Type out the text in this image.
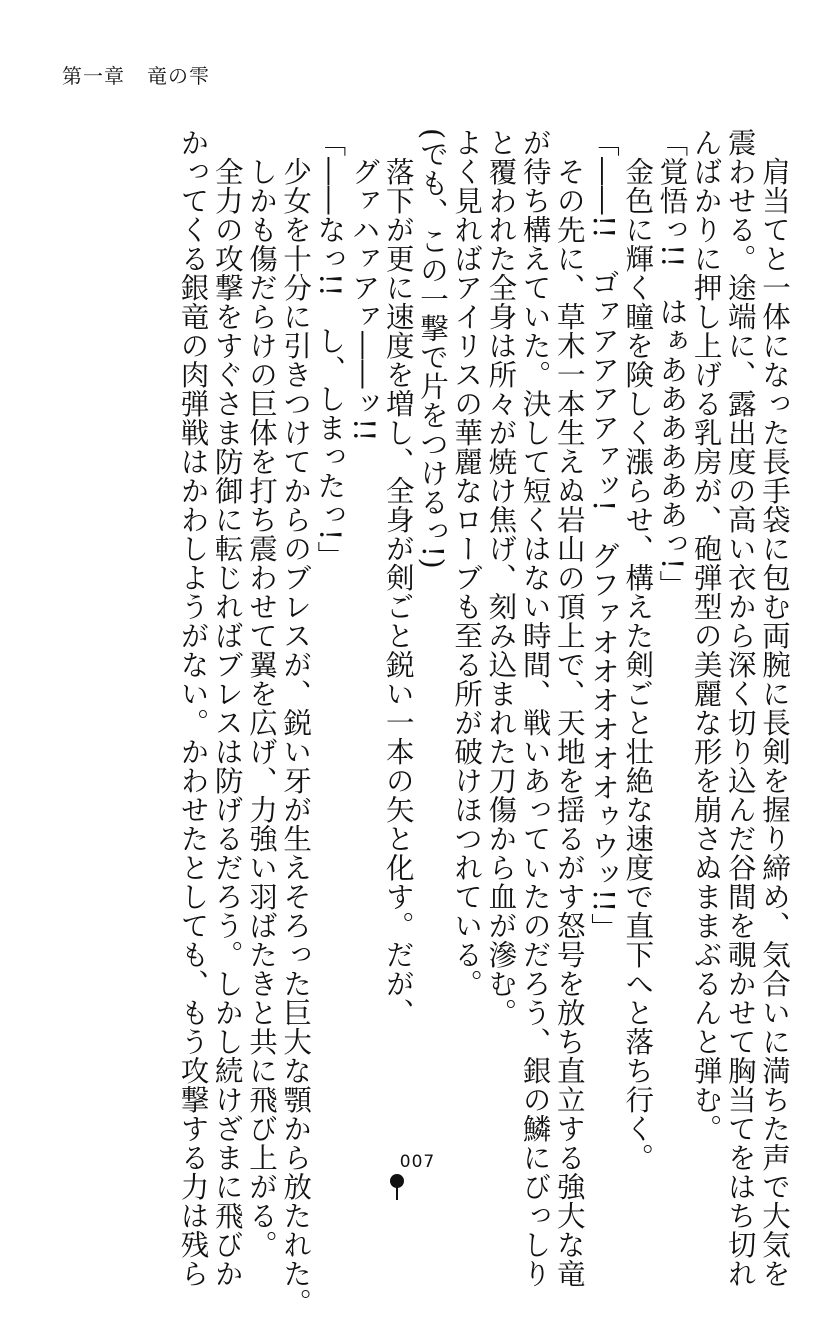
第一章 竜の雫

肩当てと一体になった長手袋に包む両腕に長剣を握り締め、気合いに満ちた声で大気を

震わせる。途端に、露出度の高い衣から深く切り込んだ谷間を覗かせて胸当てをはち切れ

んばかりに押し上げる乳房が、砲弾型の美麗な形を崩さぬままぶるんと弾む。

「覚悟っ!!　はぁああああああっ!」

金色に輝く瞳を険しく漲らせ、構えた剣ごと壮絶な速度で直下へと落ち行く。

「――!!　ゴァアアアアァッ!　グファオオオオオオゥウッ!!」

その先に、草木一本生えぬ岩山の頂上で、天地を揺るがす怒号を放ち直立する強大な竜

が待ち構えていた。決して短くはない時間、戦いあっていたのだろう、銀の鱗にびっしり

と覆われた全身は所々が焼け焦げ、刻み込まれた刀傷から血が滲む。

よく見ればアイリスの華麗なローブも至る所が破けほつれている。

(でも、この一撃で片をつけるっ!)

落下が更に速度を増し、全身が剣ごと鋭い一本の矢と化す。だが、

グァハァアァ――ッ!!

「――なっ!!　し、しまったっ!」

少女を十分に引きつけてからのブレスが、鋭い牙が生えそろった巨大な顎から放たれた。

しかも傷だらけの巨体を打ち震わせて翼を広げ、力強い羽ばたきと共に飛び上がる。

全力の攻撃をすぐさま防御に転じればブレスは防げるだろう。しかし続けざまに飛びか

かってくる銀竜の肉弾戦はかわしようがない。かわせたとしても、もう攻撃する力は残ら	007
